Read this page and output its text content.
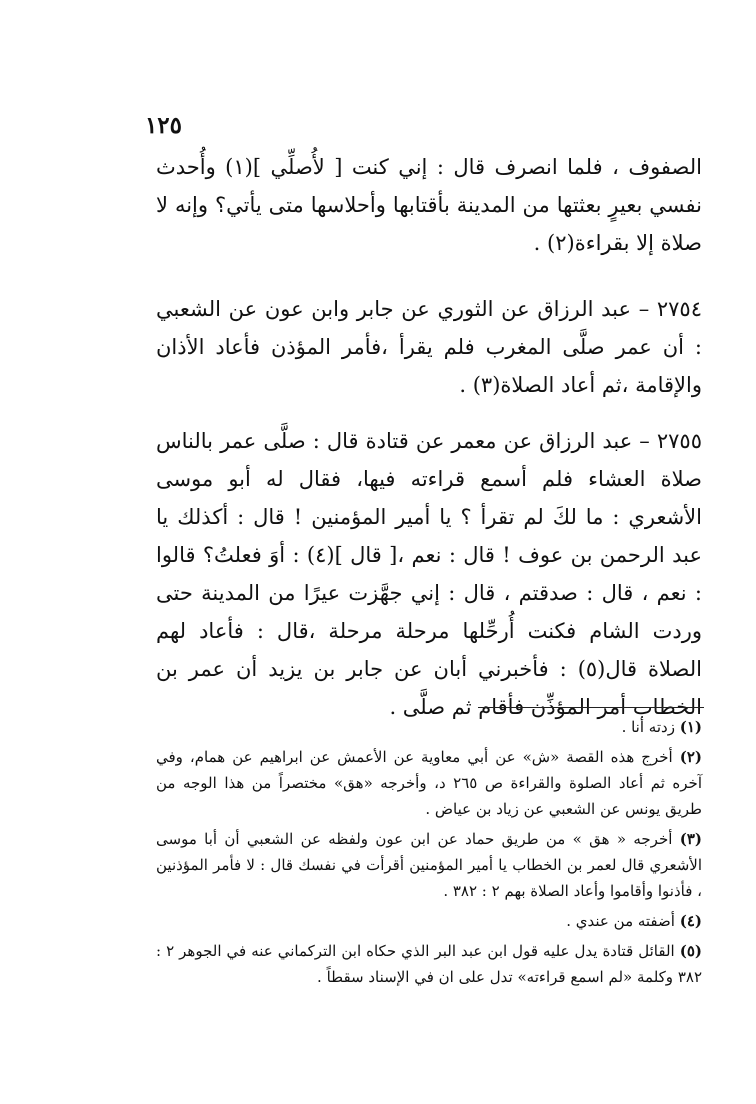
١٢٥

الصفوف ، فلما انصرف قال : إني كنت [ لأُصلِّي ](١) وأُحدث نفسي بعيرٍ بعثتها من المدينة بأقتابها وأحلاسها متى يأتي؟ وإنه لا صلاة إلا بقراءة(٢) .

٢٧٥٤ – عبد الرزاق عن الثوري عن جابر وابن عون عن الشعبي : أن عمر صلَّى المغرب فلم يقرأ ،فأمر المؤذن فأعاد الأذان والإقامة ،ثم أعاد الصلاة(٣) .

٢٧٥٥ – عبد الرزاق عن معمر عن قتادة قال : صلَّى عمر بالناس صلاة العشاء فلم أسمع قراءته فيها، فقال له أبو موسى الأشعري : ما لكَ لم تقرأ ؟ يا أمير المؤمنين ! قال : أكذلك يا عبد الرحمن بن عوف ! قال : نعم ،[ قال ](٤) : أوَ فعلتُ؟ قالوا : نعم ، قال : صدقتم ، قال : إني جهَّزت عيرًا من المدينة حتى وردت الشام فكنت أُرحِّلها مرحلة مرحلة ،قال : فأعاد لهم الصلاة قال(٥) : فأخبرني أبان عن جابر بن يزيد أن عمر بن الخطاب أمر المؤذِّن فأقام ثم صلَّى .

(١) زدته أنا .

(٢) أخرج هذه القصة «ش» عن أبي معاوية عن الأعمش عن ابراهيم عن همام، وفي آخره ثم أعاد الصلوة والقراءة ص ٢٦٥ د، وأخرجه «هق» مختصراً من هذا الوجه من طريق يونس عن الشعبي عن زياد بن عياض .

(٣) أخرجه « هق » من طريق حماد عن ابن عون ولفظه عن الشعبي أن أبا موسى الأشعري قال لعمر بن الخطاب يا أمير المؤمنين أقرأت في نفسك قال : لا فأمر المؤذنين ، فأذنوا وأقاموا وأعاد الصلاة بهم ٢ : ٣٨٢ .

(٤) أضفته من عندي .

(٥) القائل قتادة يدل عليه قول ابن عبد البر الذي حكاه ابن التركماني عنه في الجوهر ٢ : ٣٨٢ وكلمة «لم اسمع قراءته» تدل على ان في الإسناد سقطاً .
